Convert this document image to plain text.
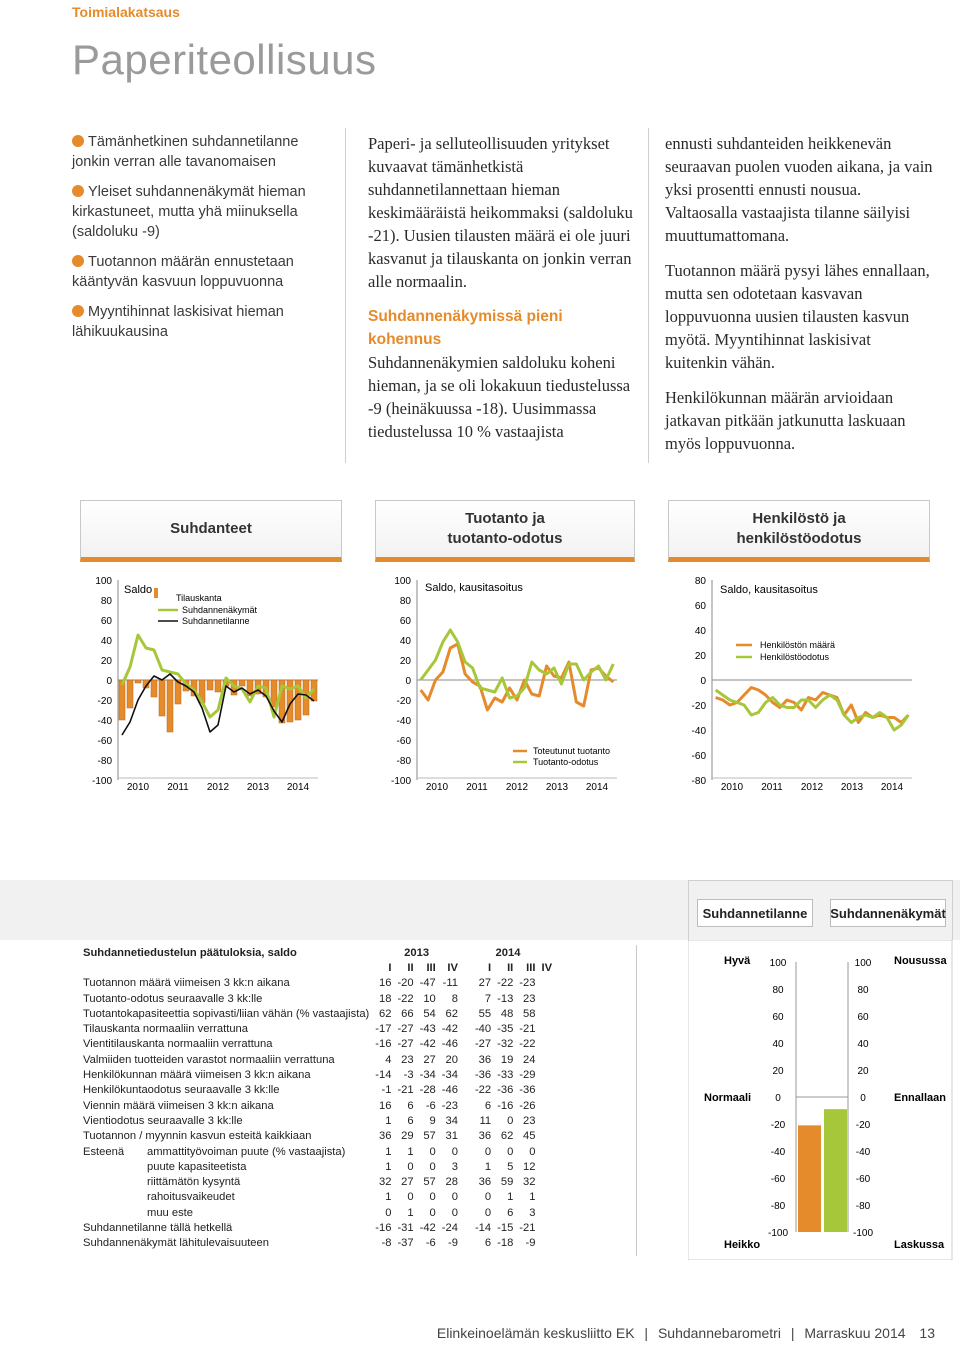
Toimialakatsaus
Paperiteollisuus
Tämänhetkinen suhdannetilanne jonkin verran alle tavanomaisen
Yleiset suhdannenäkymät hieman kirkastuneet, mutta yhä miinuksella (saldoluku -9)
Tuotannon määrän ennustetaan kääntyvän kasvuun loppuvuonna
Myyntihinnat laskisivat hieman lähikuukausina

Paperi- ja selluteollisuuden yritykset kuvaavat tämänhetkistä suhdannetilannettaan hieman keskimääräistä heikommaksi (saldoluku -21). Uusien tilausten määrä ei ole juuri kasvanut ja tilauskanta on jonkin verran alle normaalin.

Suhdannenäkymissä pieni kohennus

Suhdannenäkymien saldoluku koheni hieman, ja se oli lokakuun tiedustelussa -9 (heinäkuussa -18). Uusimmassa tiedustelussa 10 % vastaajista

ennusti suhdanteiden heikkenevän seuraavan puolen vuoden aikana, ja vain yksi prosentti ennusti nousua. Valtaosalla vastaajista tilanne säilyisi muuttumattomana.

Tuotannon määrä pysyi lähes ennallaan, mutta sen odotetaan kasvavan loppuvuonna uusien tilausten kasvun myötä. Myyntihinnat laskisivat kuitenkin vähän.

Henkilökunnan määrän arvioidaan jatkavan pitkään jatkunutta laskuaan myös loppuvuonna.

Suhdanteet
Tuotanto ja
tuotanto-odotus
Henkilöstö ja
henkilöstöodotus
100
80
60
40
20
0
-20
-40
-60
-80
-100
2010 2011 2012 2013 2014
Saldo
Tilauskanta
Suhdannenäkymät
Suhdannetilanne
100
80
60
40
20
0
-20
-40
-60
-80
-100
2010 2011 2012 2013 2014
Saldo, kausitasoitus
Toteutunut tuotanto
Tuotanto-odotus
80
60
40
20
0
-20
-40
-60
-80
2010 2011 2012 2013 2014
Saldo, kausitasoitus
Henkilöstön määrä
Henkilöstöodotus
Suhdannetilanne	Suhdannenäkymät
Suhdannetiedustelun päätuloksia, saldo	2013				2014			
	I	II	III	IV	I	II	III	IV
Tuotannon määrä viimeisen 3 kk:n aikana	16	-20	-47	-11	27	-22	-23	
Tuotanto-odotus seuraavalle 3 kk:lle	18	-22	10	8	7	-13	23	
Tuotantokapasiteettia sopivasti/liian vähän (% vastaajista)	62	66	54	62	55	48	58	
Tilauskanta normaaliin verrattuna	-17	-27	-43	-42	-40	-35	-21	
Vientitilauskanta normaaliin verrattuna	-16	-27	-42	-46	-27	-32	-22	
Valmiiden tuotteiden varastot normaaliin verrattuna	4	23	27	20	36	19	24	
Henkilökunnan määrä viimeisen 3 kk:n aikana	-14	-3	-34	-34	-36	-33	-29	
Henkilökuntaodotus seuraavalle 3 kk:lle	-1	-21	-28	-46	-22	-36	-36	
Viennin määrä viimeisen 3 kk:n aikana	16	6	-6	-23	6	-16	-26	
Vientiodotus seuraavalle 3 kk:lle	1	6	9	34	11	0	23	
Tuotannon / myynnin kasvun esteitä kaikkiaan	36	29	57	31	36	62	45	
Esteenä ammattityövoiman puute (% vastaajista)	1	1	0	0	0	0	0	
puute kapasiteetista	1	0	0	3	1	5	12	
riittämätön kysyntä	32	27	57	28	36	59	32	
rahoitusvaikeudet	1	0	0	0	0	1	1	
muu este	0	1	0	0	0	6	3	
Suhdannetilanne tällä hetkellä	-16	-31	-42	-24	-14	-15	-21	
Suhdannenäkymät lähitulevaisuuteen	-8	-37	-6	-9	6	-18	-9	
100	100
80	80
60	60
40	40
20	20
0	0
-20	-20
-40	-40
-60	-60
-80	-80
-100	-100
Hyvä
Normaali
Heikko
Nousussa
Ennallaan
Laskussa
Elinkeinoelämän keskusliitto EK | Suhdannebarometri | Marraskuu 2014 13
